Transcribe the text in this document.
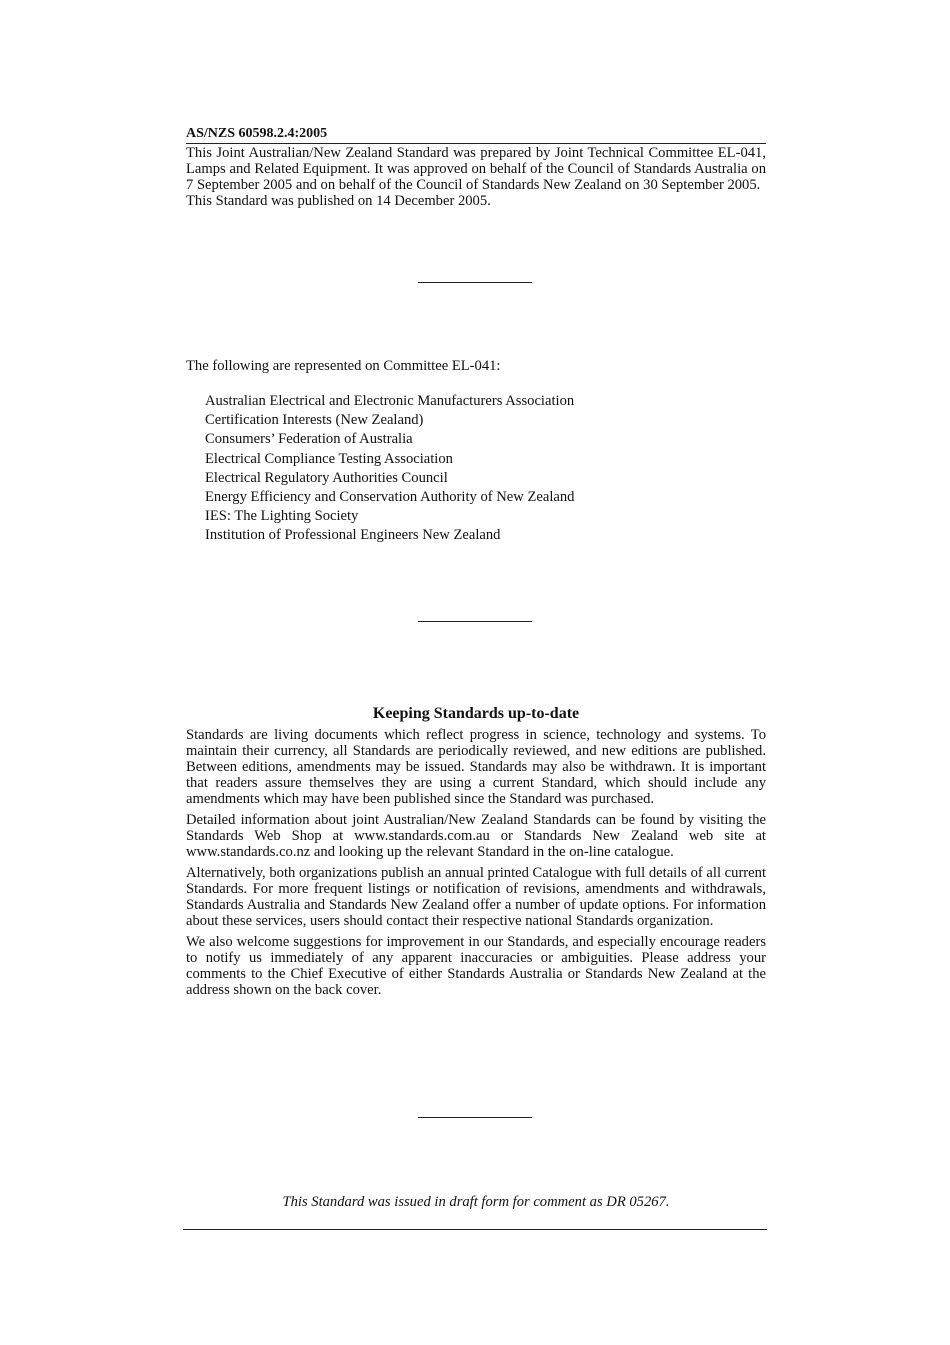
AS/NZS 60598.2.4:2005

This Joint Australian/New Zealand Standard was prepared by Joint Technical Committee EL-041, Lamps and Related Equipment. It was approved on behalf of the Council of Standards Australia on 7 September 2005 and on behalf of the Council of Standards New Zealand on 30 September 2005.

This Standard was published on 14 December 2005.

The following are represented on Committee EL-041:
Australian Electrical and Electronic Manufacturers Association
Certification Interests (New Zealand)
Consumers’ Federation of Australia
Electrical Compliance Testing Association
Electrical Regulatory Authorities Council
Energy Efficiency and Conservation Authority of New Zealand
IES: The Lighting Society
Institution of Professional Engineers New Zealand
Keeping Standards up-to-date

Standards are living documents which reflect progress in science, technology and systems. To maintain their currency, all Standards are periodically reviewed, and new editions are published. Between editions, amendments may be issued. Standards may also be withdrawn. It is important that readers assure themselves they are using a current Standard, which should include any amendments which may have been published since the Standard was purchased.

Detailed information about joint Australian/New Zealand Standards can be found by visiting the Standards Web Shop at www.standards.com.au or Standards New Zealand web site at www.standards.co.nz and looking up the relevant Standard in the on-line catalogue.

Alternatively, both organizations publish an annual printed Catalogue with full details of all current Standards. For more frequent listings or notification of revisions, amendments and withdrawals, Standards Australia and Standards New Zealand offer a number of update options. For information about these services, users should contact their respective national Standards organization.

We also welcome suggestions for improvement in our Standards, and especially encourage readers to notify us immediately of any apparent inaccuracies or ambiguities. Please address your comments to the Chief Executive of either Standards Australia or Standards New Zealand at the address shown on the back cover.

This Standard was issued in draft form for comment as DR 05267.
